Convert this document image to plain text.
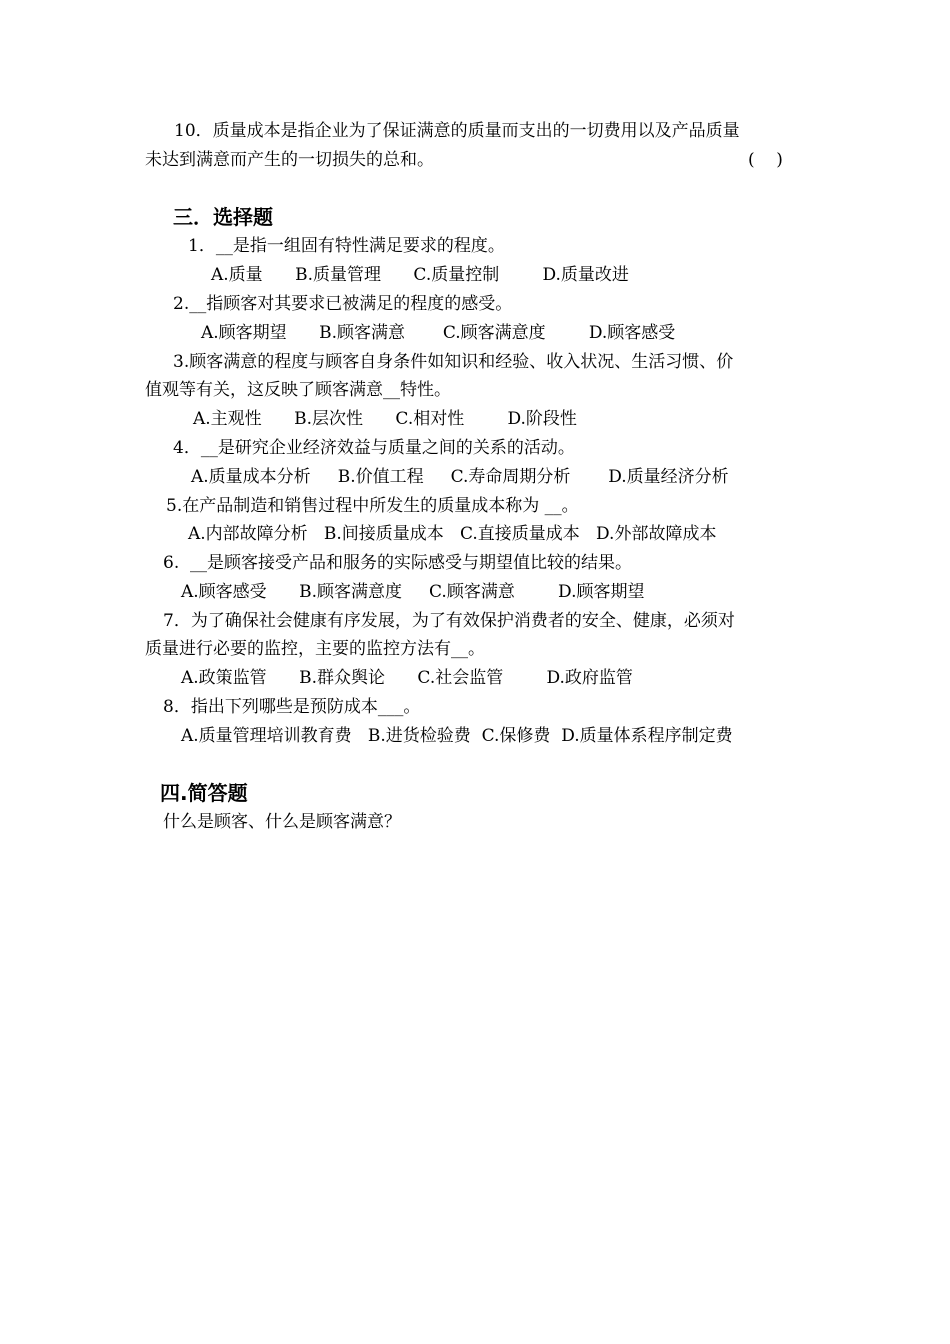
10．质量成本是指企业为了保证满意的质量而支出的一切费用以及产品质量
未达到满意而产生的一切损失的总和。	(    )
三．选择题
1．__是指一组固有特性满足要求的程度。
A.质量      B.质量管理      C.质量控制        D.质量改进
2.__指顾客对其要求已被满足的程度的感受。
A.顾客期望      B.顾客满意       C.顾客满意度        D.顾客感受
3.顾客满意的程度与顾客自身条件如知识和经验、收入状况、生活习惯、价
值观等有关，这反映了顾客满意__特性。
A.主观性      B.层次性      C.相对性        D.阶段性
4．__是研究企业经济效益与质量之间的关系的活动。
A.质量成本分析     B.价值工程     C.寿命周期分析       D.质量经济分析
5.在产品制造和销售过程中所发生的质量成本称为 __。
A.内部故障分析   B.间接质量成本   C.直接质量成本   D.外部故障成本
6.  __是顾客接受产品和服务的实际感受与期望值比较的结果。
A.顾客感受      B.顾客满意度     C.顾客满意        D.顾客期望
7．为了确保社会健康有序发展，为了有效保护消费者的安全、健康，必须对
质量进行必要的监控，主要的监控方法有__。
A.政策监管      B.群众舆论      C.社会监管        D.政府监管
8．指出下列哪些是预防成本___。
A.质量管理培训教育费   B.进货检验费  C.保修费  D.质量体系程序制定费
四.简答题
什么是顾客、什么是顾客满意？
